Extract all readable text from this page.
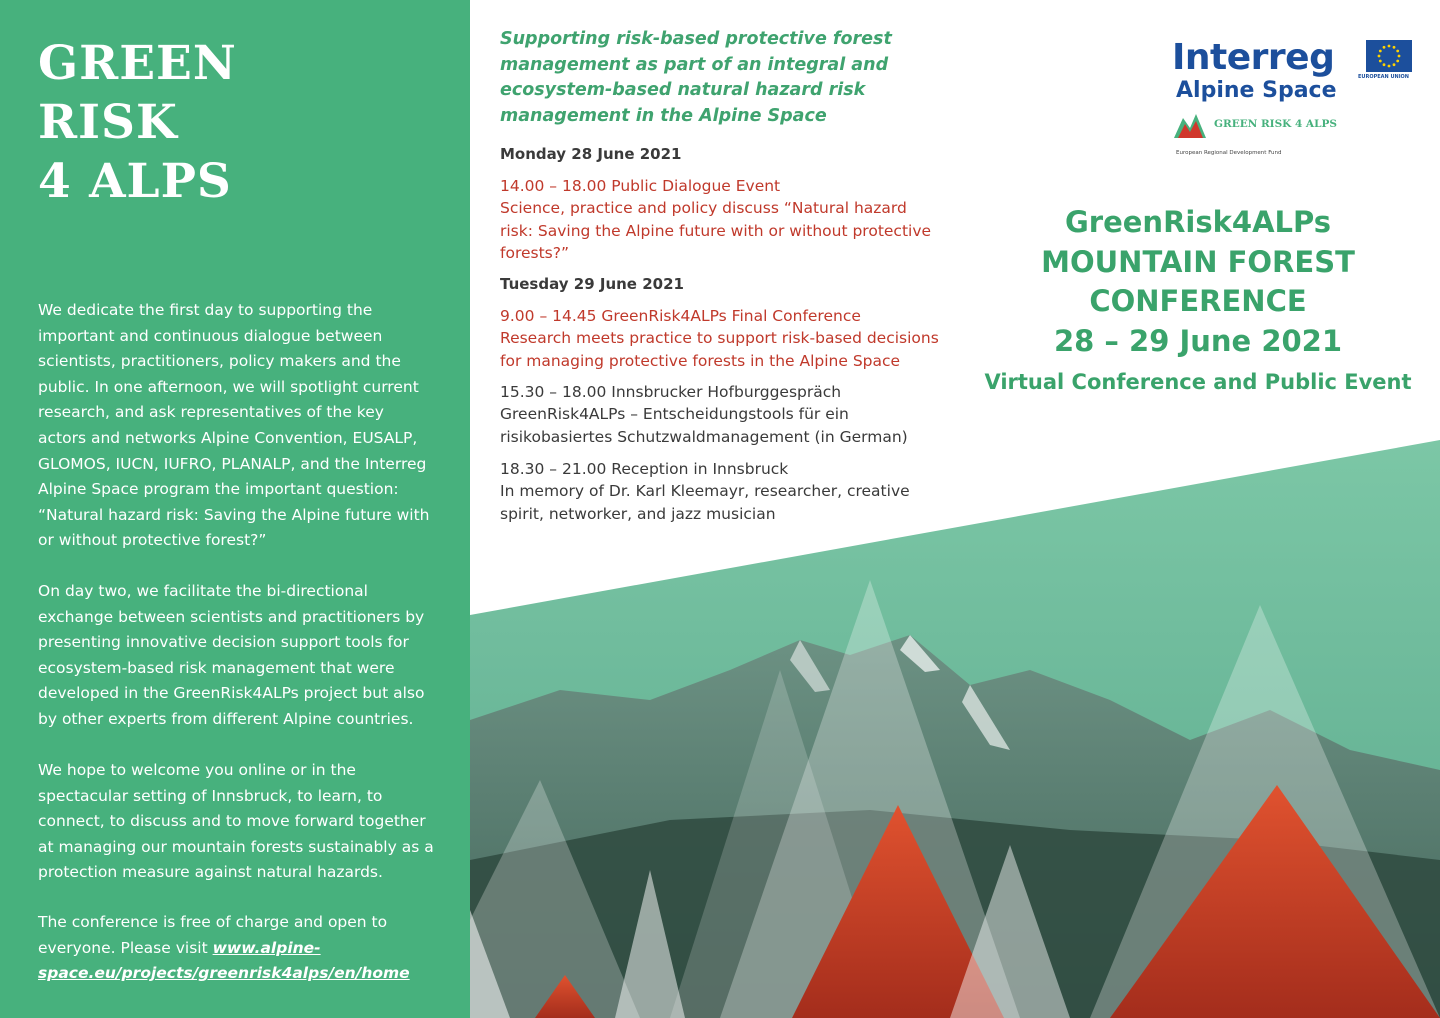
GREEN
RISK
4 ALPS

We dedicate the first day to supporting the important and continuous dialogue between scientists, practitioners, policy makers and the public. In one afternoon, we will spotlight current research, and ask representatives of the key actors and networks Alpine Convention, EUSALP, GLOMOS, IUCN, IUFRO, PLANALP, and the Interreg Alpine Space program the important question: “Natural hazard risk: Saving the Alpine future with or without protective forest?”

On day two, we facilitate the bi-directional exchange between scientists and practitioners by presenting innovative decision support tools for ecosystem-based risk management that were developed in the GreenRisk4ALPs project but also by other experts from different Alpine countries.

We hope to welcome you online or in the spectacular setting of Innsbruck, to learn, to connect, to discuss and to move forward together at managing our mountain forests sustainably as a protection measure against natural hazards.

The conference is free of charge and open to everyone. Please visit www.alpine-space.eu/projects/greenrisk4alps/en/home

Supporting risk-based protective forest management as part of an integral and ecosystem-based natural hazard risk management in the Alpine Space

Monday 28 June 2021

14.00 – 18.00 Public Dialogue Event
Science, practice and policy discuss “Natural hazard risk: Saving the Alpine future with or without protective forests?”

Tuesday 29 June 2021

9.00 – 14.45 GreenRisk4ALPs Final Conference
Research meets practice to support risk-based decisions for managing protective forests in the Alpine Space

15.30 – 18.00 Innsbrucker Hofburggespräch
GreenRisk4ALPs – Entscheidungstools für ein risikobasiertes Schutzwaldmanagement (in German)

18.30 – 21.00 Reception in Innsbruck
In memory of Dr. Karl Kleemayr, researcher, creative spirit, networker, and jazz musician

Interreg
Alpine Space
EUROPEAN UNION
GREEN RISK 4 ALPS
European Regional Development Fund
GreenRisk4ALPs
MOUNTAIN FOREST
CONFERENCE
28 – 29 June 2021

Virtual Conference and Public Event
